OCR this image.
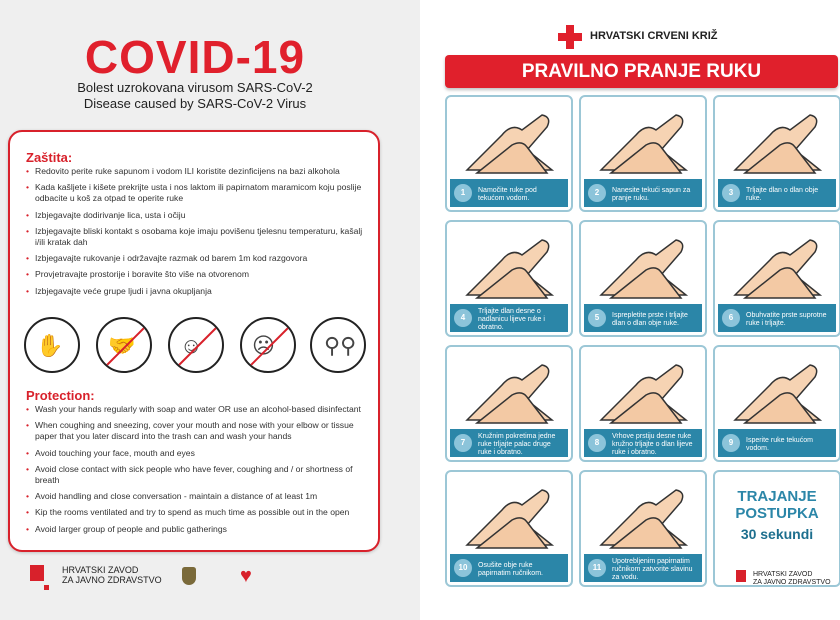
COVID-19
Bolest uzrokovana virusom SARS-CoV-2
Disease caused by SARS-CoV-2 Virus
Zaštita:
• Redovito perite ruke sapunom i vodom ILI koristite dezinficijens na bazi alkohola
• Kada kašljete i kišete prekrijte usta i nos laktom ili papirnatom maramicom koju poslije odbacite u koš za otpad te operite ruke
• Izbjegavajte dodirivanje lica, usta i očiju
• Izbjegavajte bliski kontakt s osobama koje imaju povišenu tjelesnu temperaturu, kašalj i/ili kratak dah
• Izbjegavajte rukovanje i održavajte razmak od barem 1m kod razgovora
• Provjetravajte prostorije i boravite što više na otvorenom
• Izbjegavajte veće grupe ljudi i javna okupljanja
✋ 🤝 ☺ ☹ ⚲⚲
Protection:
• Wash your hands regularly with soap and water OR use an alcohol-based disinfectant
• When coughing and sneezing, cover your mouth and nose with your elbow or tissue paper that you later discard into the trash can and wash your hands
• Avoid touching your face, mouth and eyes
• Avoid close contact with sick people who have fever, coughing and / or shortness of breath
• Avoid handling and close conversation - maintain a distance of at least 1m
• Kip the rooms ventilated and try to spend as much time as possible out in the open
• Avoid larger group of people and public gatherings
HRVATSKI ZAVOD
ZA JAVNO ZDRAVSTVO	♥
HRVATSKI CRVENI KRIŽ
PRAVILNO PRANJE RUKU
1	Namočite ruke pod tekućom vodom.
2	Nanesite tekući sapun za pranje ruku.
3	Trljajte dlan o dlan obje ruke.
4
Trljajte dlan desne o nadlanicu lijeve ruke i obratno.
5	Isprepletite prste i trljajte dlan o dlan obje ruke.
6	Obuhvatite prste suprotne ruke i trljajte.
7
Kružnim pokretima jedne ruke trljajte palac druge ruke i obratno.
8
Vrhove prstiju desne ruke kružno trljajte o dlan lijeve ruke i obratno.
9	Isperite ruke tekućom vodom.
10	Osušite obje ruke papirnatim ručnikom.
11
Upotrebljenim papirnatim ručnikom zatvorite slavinu za vodu.
TRAJANJE
POSTUPKA
30 sekundi
HRVATSKI ZAVOD
ZA JAVNO ZDRAVSTVO
